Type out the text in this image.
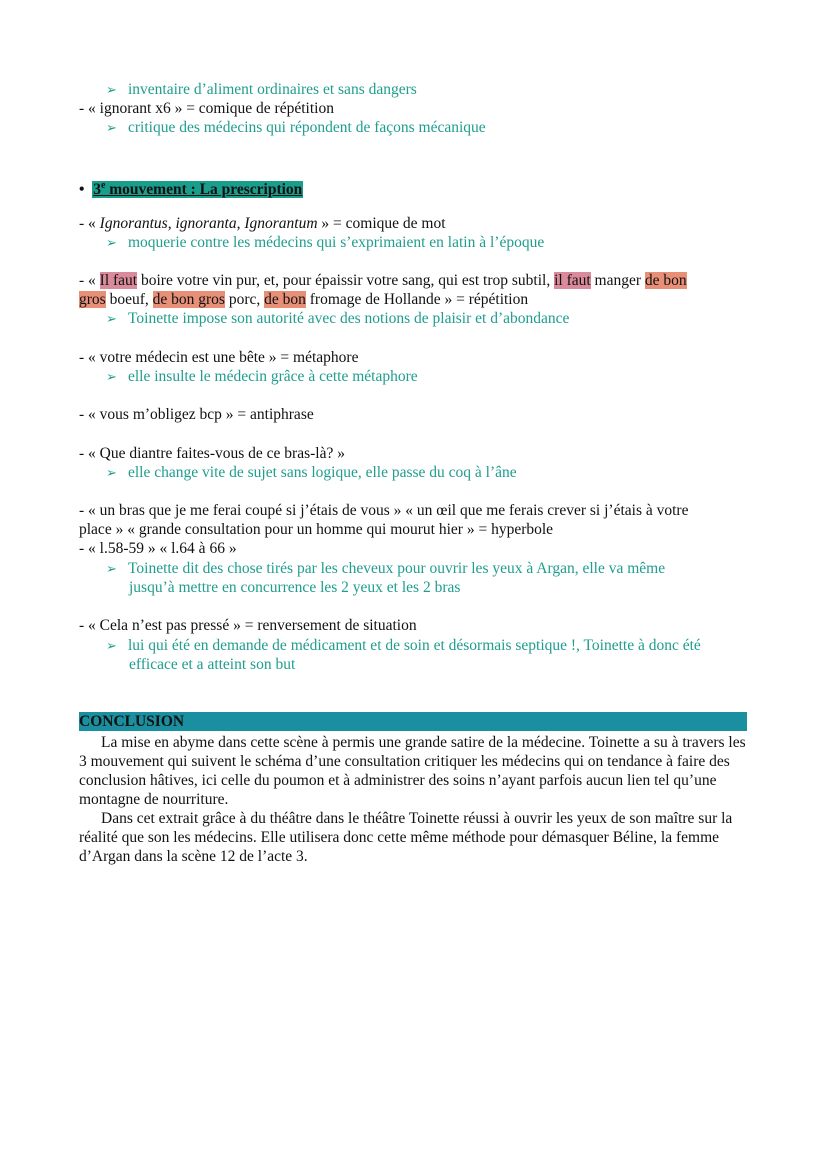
➢ inventaire d’aliment ordinaires et sans dangers
- « ignorant x6 » = comique de répétition
➢ critique des médecins qui répondent de façons mécanique
• 3e mouvement : La prescription
- « Ignorantus, ignoranta, Ignorantum » = comique de mot
➢ moquerie contre les médecins qui s’exprimaient en latin à l’époque
- « Il faut boire votre vin pur, et, pour épaissir votre sang, qui est trop subtil, il faut manger de bon
gros boeuf, de bon gros porc, de bon fromage de Hollande » = répétition
➢ Toinette impose son autorité avec des notions de plaisir et d’abondance
- « votre médecin est une bête » = métaphore
➢ elle insulte le médecin grâce à cette métaphore
- « vous m’obligez bcp » = antiphrase
- « Que diantre faites-vous de ce bras-là? »
➢ elle change vite de sujet sans logique, elle passe du coq à l’âne
- « un bras que je me ferai coupé si j’étais de vous » « un œil que me ferais crever si j’étais à votre
place » « grande consultation pour un homme qui mourut hier » = hyperbole
- « l.58-59 » « l.64 à 66 »
➢ Toinette dit des chose tirés par les cheveux pour ouvrir les yeux à Argan, elle va même
jusqu’à mettre en concurrence les 2 yeux et les 2 bras
- « Cela n’est pas pressé » = renversement de situation
➢ lui qui été en demande de médicament et de soin et désormais septique !, Toinette à donc été
efficace et a atteint son but
CONCLUSION
La mise en abyme dans cette scène à permis une grande satire de la médecine. Toinette a su à travers les 3 mouvement qui suivent le schéma d’une consultation critiquer les médecins qui on tendance à faire des conclusion hâtives, ici celle du poumon et à administrer des soins n’ayant parfois aucun lien tel qu’une montagne de nourriture.
Dans cet extrait grâce à du théâtre dans le théâtre Toinette réussi à ouvrir les yeux de son maître sur la réalité que son les médecins. Elle utilisera donc cette même méthode pour démasquer Béline, la femme d’Argan dans la scène 12 de l’acte 3.
